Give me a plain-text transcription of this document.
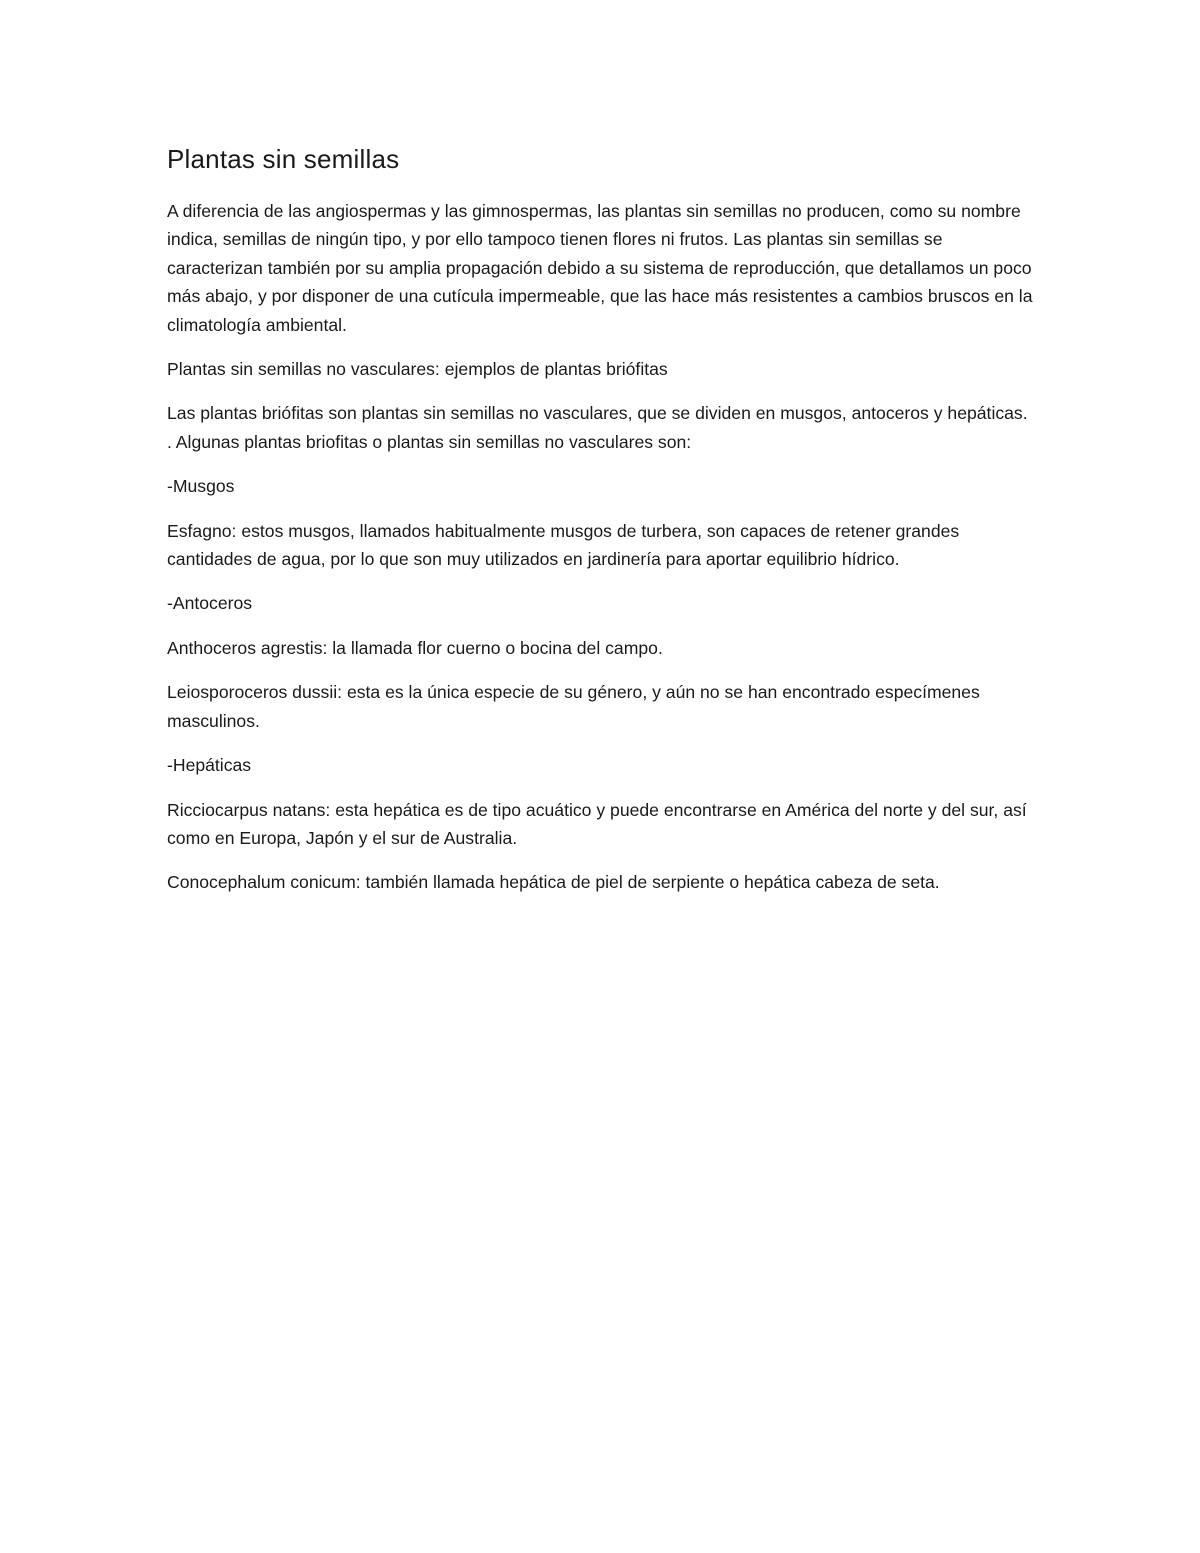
Plantas sin semillas

A diferencia de las angiospermas y las gimnospermas, las plantas sin semillas no producen, como su nombre indica, semillas de ningún tipo, y por ello tampoco tienen flores ni frutos. Las plantas sin semillas se caracterizan también por su amplia propagación debido a su sistema de reproducción, que detallamos un poco más abajo, y por disponer de una cutícula impermeable, que las hace más resistentes a cambios bruscos en la climatología ambiental.

Plantas sin semillas no vasculares: ejemplos de plantas briófitas

Las plantas briófitas son plantas sin semillas no vasculares, que se dividen en musgos, antoceros y hepáticas. . Algunas plantas briofitas o plantas sin semillas no vasculares son:

-Musgos

Esfagno: estos musgos, llamados habitualmente musgos de turbera, son capaces de retener grandes cantidades de agua, por lo que son muy utilizados en jardinería para aportar equilibrio hídrico.

-Antoceros

Anthoceros agrestis: la llamada flor cuerno o bocina del campo.

Leiosporoceros dussii: esta es la única especie de su género, y aún no se han encontrado especímenes masculinos.

-Hepáticas

Ricciocarpus natans: esta hepática es de tipo acuático y puede encontrarse en América del norte y del sur, así como en Europa, Japón y el sur de Australia.

Conocephalum conicum: también llamada hepática de piel de serpiente o hepática cabeza de seta.
